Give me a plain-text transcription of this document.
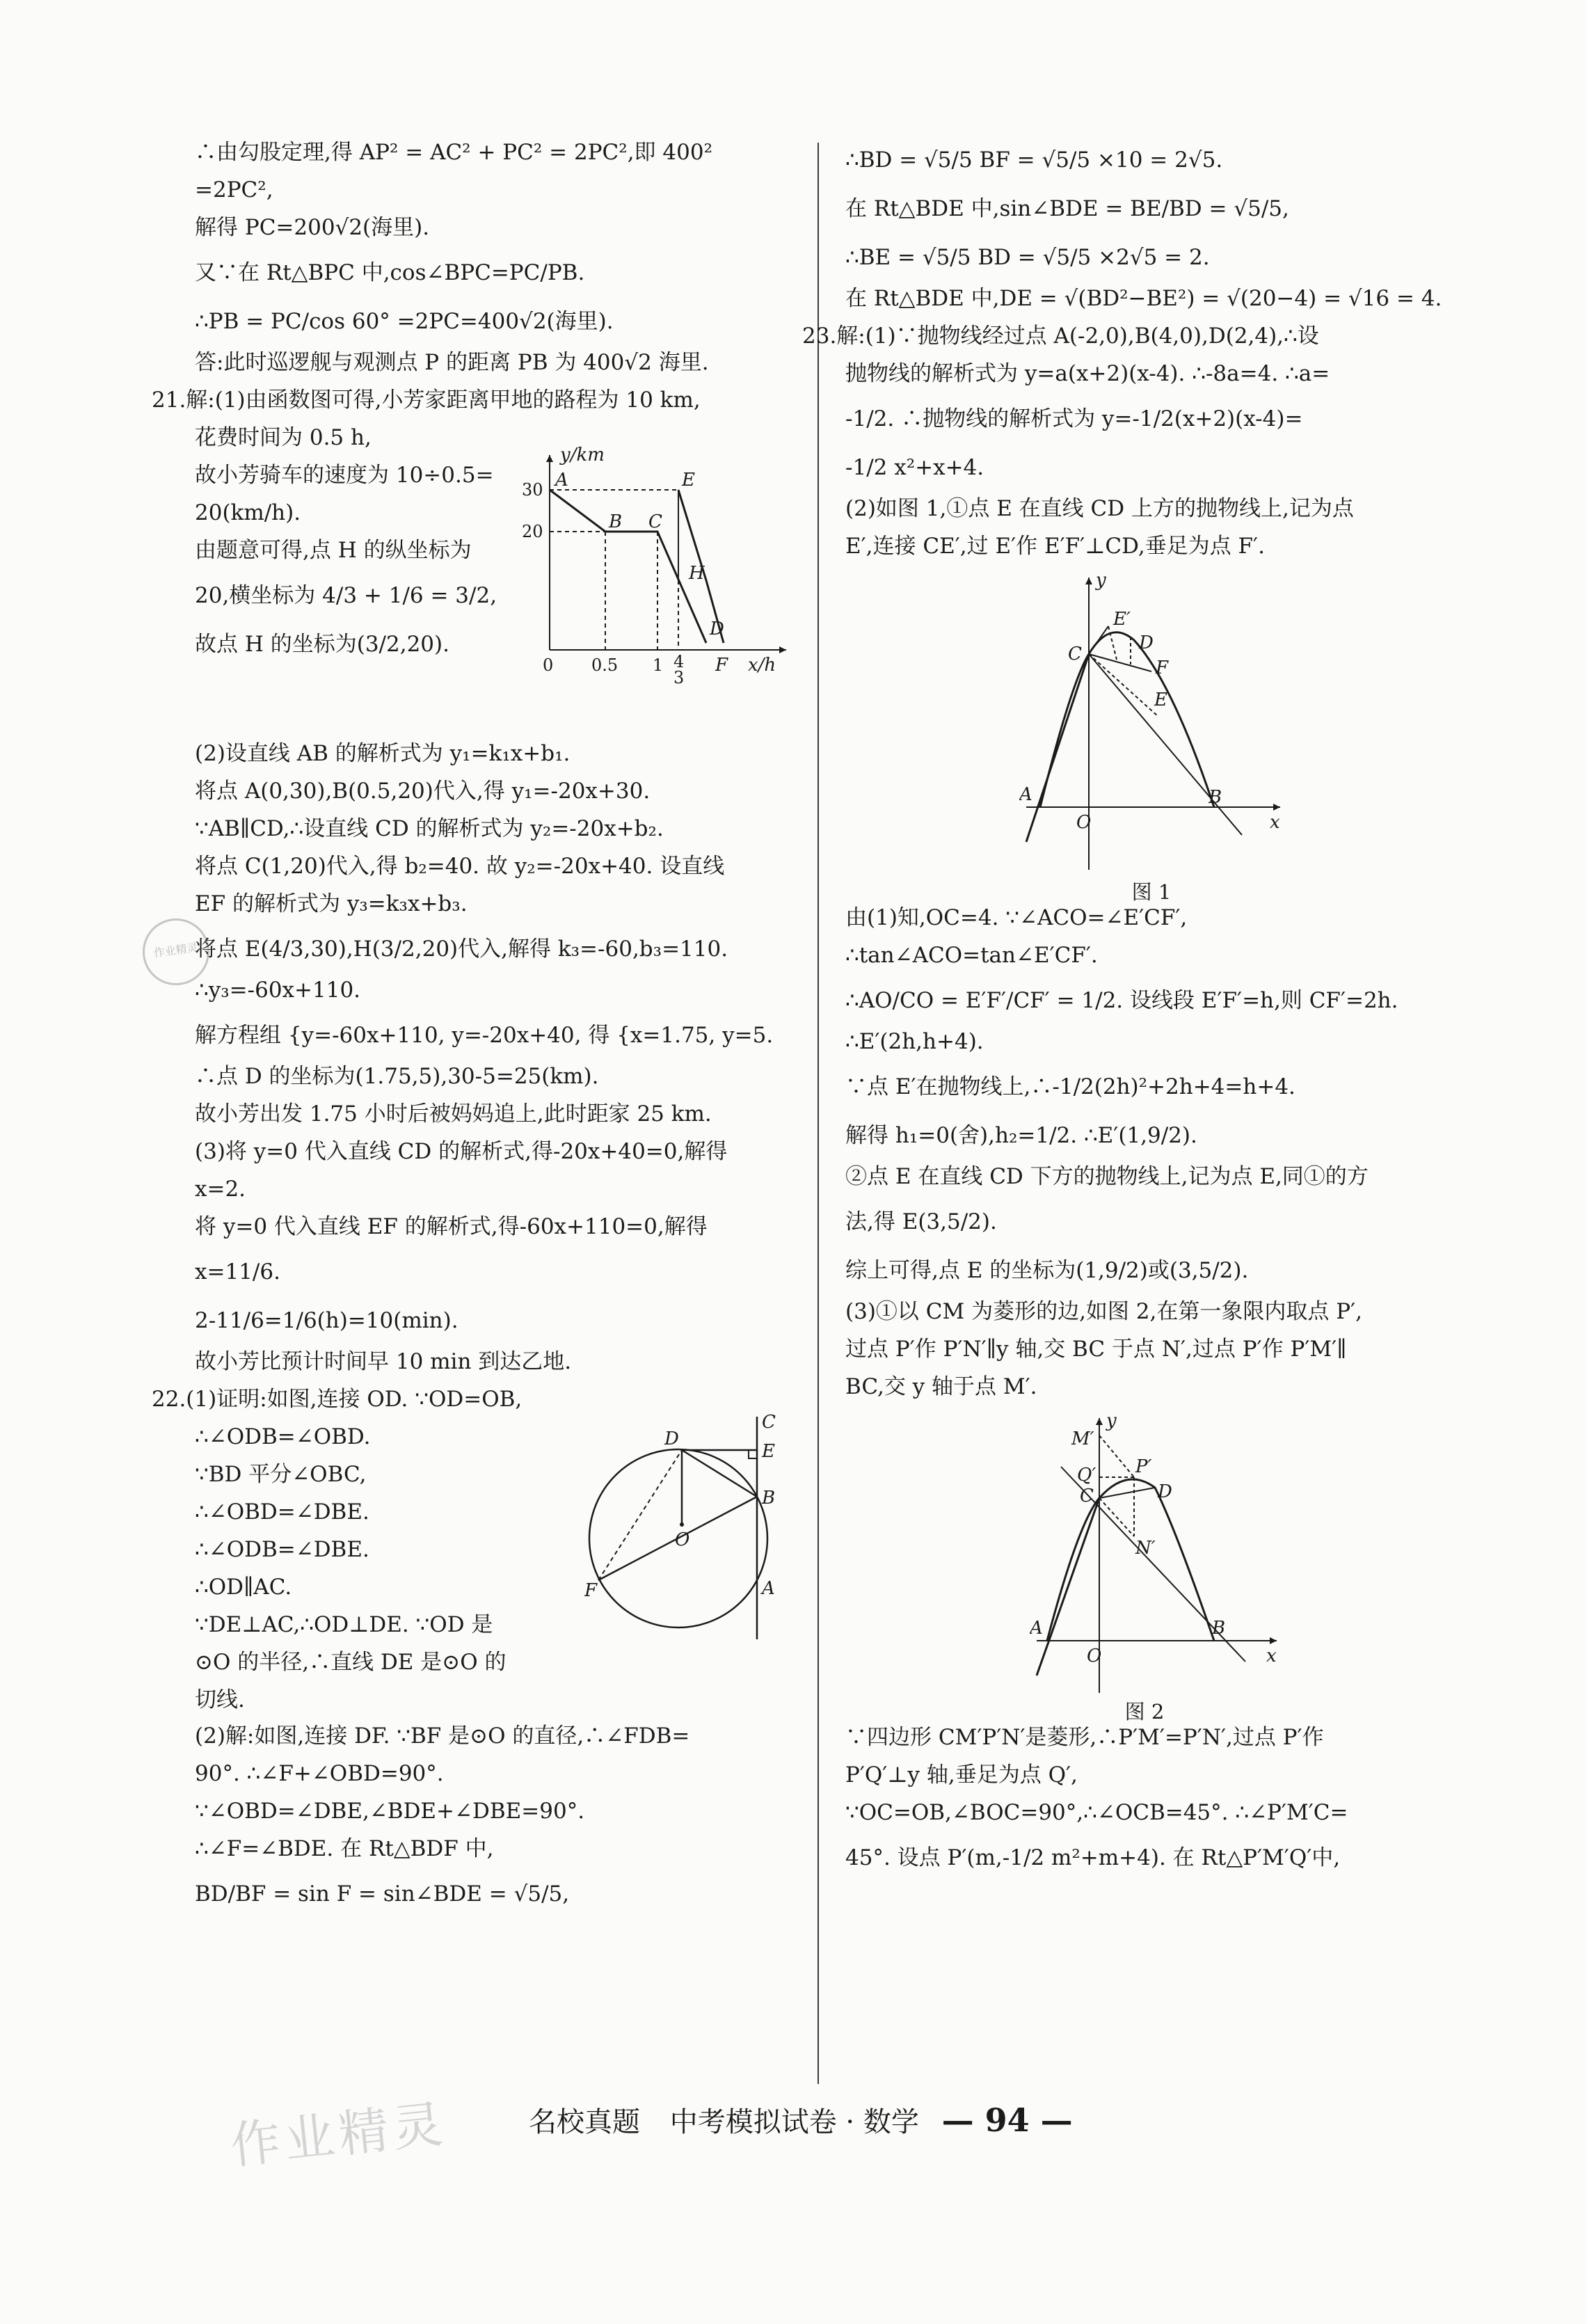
作业精灵
作业精灵
∴由勾股定理,得 AP² = AC² + PC² = 2PC²,即 400²
=2PC²,
解得 PC=200√2(海里).
又∵在 Rt△BPC 中,cos∠BPC=PC/PB.
∴PB = PC/cos 60° =2PC=400√2(海里).
答:此时巡逻舰与观测点 P 的距离 PB 为 400√2 海里.
21.解:(1)由函数图可得,小芳家距离甲地的路程为 10 km,
花费时间为 0.5 h,
故小芳骑车的速度为 10÷0.5=
20(km/h).
由题意可得,点 H 的纵坐标为
20,横坐标为 4/3 + 1/6 = 3/2,
故点 H 的坐标为(3/2,20).
y/km
x/h
A
B C
E
H
D
F
30
20
0 0.5 1 4
3
(2)设直线 AB 的解析式为 y₁=k₁x+b₁.
将点 A(0,30),B(0.5,20)代入,得 y₁=-20x+30.
∵AB∥CD,∴设直线 CD 的解析式为 y₂=-20x+b₂.
将点 C(1,20)代入,得 b₂=40. 故 y₂=-20x+40. 设直线
EF 的解析式为 y₃=k₃x+b₃.
将点 E(4/3,30),H(3/2,20)代入,解得 k₃=-60,b₃=110.
∴y₃=-60x+110.
解方程组 {y=-60x+110, y=-20x+40, 得 {x=1.75, y=5.
∴点 D 的坐标为(1.75,5),30-5=25(km).
故小芳出发 1.75 小时后被妈妈追上,此时距家 25 km.
(3)将 y=0 代入直线 CD 的解析式,得-20x+40=0,解得
x=2.
将 y=0 代入直线 EF 的解析式,得-60x+110=0,解得
x=11/6.
2-11/6=1/6(h)=10(min).
故小芳比预计时间早 10 min 到达乙地.
22.(1)证明:如图,连接 OD. ∵OD=OB,
∴∠ODB=∠OBD.
∵BD 平分∠OBC,
∴∠OBD=∠DBE.
∴∠ODB=∠DBE.
∴OD∥AC.
∵DE⊥AC,∴OD⊥DE. ∵OD 是
⊙O 的半径,∴直线 DE 是⊙O 的
切线.
C
D
E
B
O
F	A
(2)解:如图,连接 DF. ∵BF 是⊙O 的直径,∴∠FDB=
90°. ∴∠F+∠OBD=90°.
∵∠OBD=∠DBE,∠BDE+∠DBE=90°.
∴∠F=∠BDE. 在 Rt△BDF 中,
BD/BF = sin F = sin∠BDE = √5/5,
∴BD = √5/5 BF = √5/5 ×10 = 2√5.
在 Rt△BDE 中,sin∠BDE = BE/BD = √5/5,
∴BE = √5/5 BD = √5/5 ×2√5 = 2.
在 Rt△BDE 中,DE = √(BD²−BE²) = √(20−4) = √16 = 4.
23.解:(1)∵抛物线经过点 A(-2,0),B(4,0),D(2,4),∴设
抛物线的解析式为 y=a(x+2)(x-4). ∴-8a=4. ∴a=
-1/2. ∴抛物线的解析式为 y=-1/2(x+2)(x-4)=
-1/2 x²+x+4.
(2)如图 1,①点 E 在直线 CD 上方的抛物线上,记为点
E′,连接 CE′,过 E′作 E′F′⊥CD,垂足为点 F′.
y
x
C
E′
D
F
E
A
O
B
图 1
由(1)知,OC=4. ∵∠ACO=∠E′CF′,
∴tan∠ACO=tan∠E′CF′.
∴AO/CO = E′F′/CF′ = 1/2. 设线段 E′F′=h,则 CF′=2h.
∴E′(2h,h+4).
∵点 E′在抛物线上,∴-1/2(2h)²+2h+4=h+4.
解得 h₁=0(舍),h₂=1/2. ∴E′(1,9/2).
②点 E 在直线 CD 下方的抛物线上,记为点 E,同①的方
法,得 E(3,5/2).
综上可得,点 E 的坐标为(1,9/2)或(3,5/2).
(3)①以 CM 为菱形的边,如图 2,在第一象限内取点 P′,
过点 P′作 P′N′∥y 轴,交 BC 于点 N′,过点 P′作 P′M′∥
BC,交 y 轴于点 M′.
y
x
M′
Q′ P′
C	D
N′
A
O
B
图 2
∵四边形 CM′P′N′是菱形,∴P′M′=P′N′,过点 P′作
P′Q′⊥y 轴,垂足为点 Q′,
∵OC=OB,∠BOC=90°,∴∠OCB=45°. ∴∠P′M′C=
45°. 设点 P′(m,-1/2 m²+m+4). 在 Rt△P′M′Q′中,
名校真题 中考模拟试卷 · 数学 — 94 —
